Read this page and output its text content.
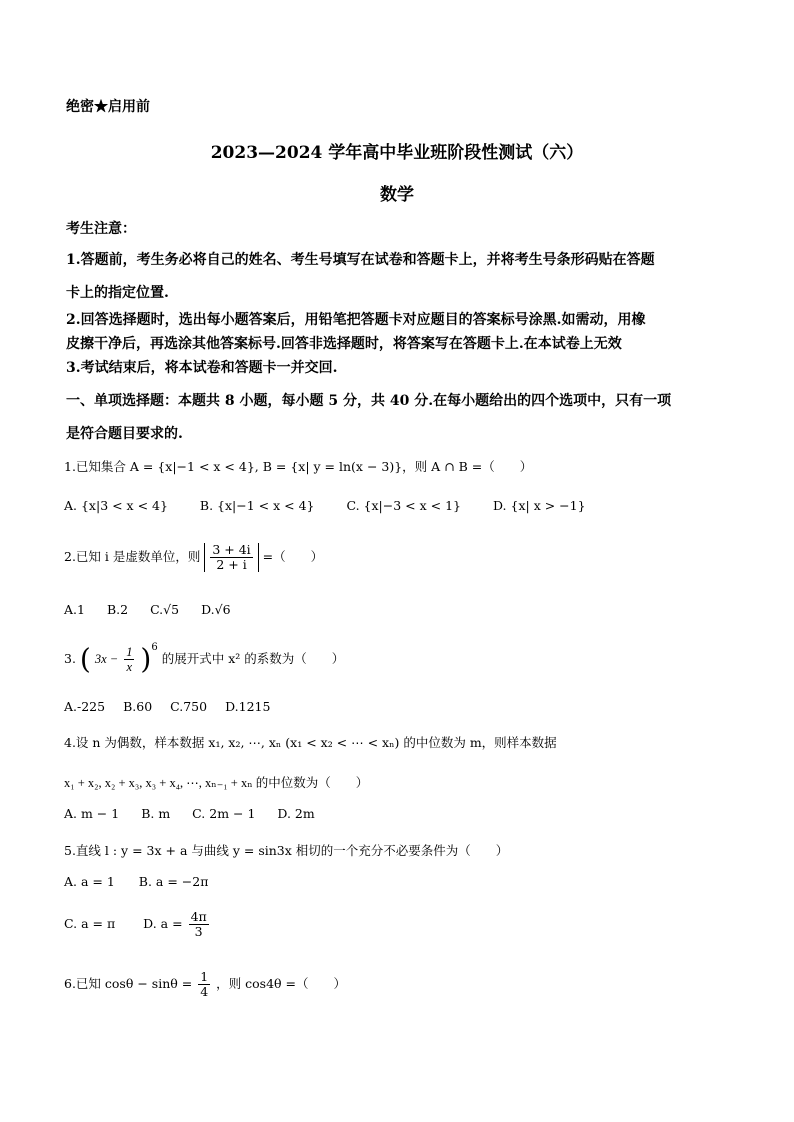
绝密★启用前
2023—2024 学年高中毕业班阶段性测试（六）
数学
考生注意：
1.答题前，考生务必将自己的姓名、考生号填写在试卷和答题卡上，并将考生号条形码贴在答题
卡上的指定位置.
2.回答选择题时，选出每小题答案后，用铅笔把答题卡对应题目的答案标号涂黑.如需动，用橡
皮擦干净后，再选涂其他答案标号.回答非选择题时，将答案写在答题卡上.在本试卷上无效
3.考试结束后，将本试卷和答题卡一并交回.
一、单项选择题：本题共 8 小题，每小题 5 分，共 40 分.在每小题给出的四个选项中，只有一项
是符合题目要求的.
1.已知集合 A = {x|−1 < x < 4}, B = {x| y = ln(x − 3)}，则 A ∩ B =（　　）
A. {x|3 < x < 4}	B. {x|−1 < x < 4}	C. {x|−3 < x < 1}	D. {x| x > −1}
2.已知 i 是虚数单位，则 $\frac{3 + 4i}{2 + i}$ =（　　）
A.1 B.2 C.√5 D.√6
3. ( $3x - \frac{1}{x} )^6$ 的展开式中 x² 的系数为（　　）
A.-225 B.60 C.750 D.1215
4.设 n 为偶数，样本数据 x₁, x₂, ⋯, xₙ (x₁ < x₂ < ⋯ < xₙ) 的中位数为 m，则样本数据
x₁ + x₂, x₂ + x₃, x₃ + x₄, ⋯, xₙ₋₁ + xₙ 的中位数为（　　）
A. m − 1 B. m C. 2m − 1 D. 2m
5.直线 l : y = 3x + a 与曲线 y = sin3x 相切的一个充分不必要条件为（　　）
A. a = 1 B. a = −2π
C. a = π D. $a = \frac{4\pi}{3}$
6.已知 $\cos\theta - \sin\theta = \frac{1}{4}$ ，则 cos4θ =（　　）
